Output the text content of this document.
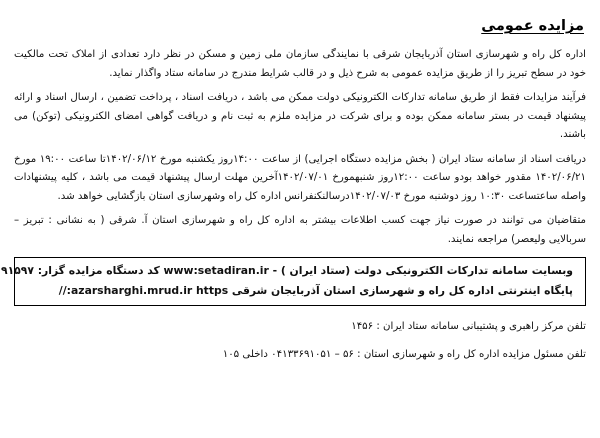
مزایده عمومی

اداره کل راه و شهرسازی استان آذربایجان شرقی با نمایندگی سازمان ملی زمین و مسکن در نظر دارد تعدادی از املاک تحت مالکیت خود در سطح تبریز را از طریق مزایده عمومی به شرح ذیل و در قالب شرایط مندرج در سامانه ستاد واگذار نماید.

فرآیند مزایدات فقط از طریق سامانه تدارکات الکترونیکی دولت ممکن می باشد ، دریافت اسناد ، پرداخت تضمین ، ارسال اسناد و ارائه پیشنهاد قیمت در بستر سامانه ممکن بوده و برای شرکت در مزایده ملزم به ثبت نام و دریافت گواهی امضای الکترونیکی (توکن) می باشند.

دریافت اسناد از سامانه ستاد ایران ( بخش مزایده دستگاه اجرایی) از ساعت ۱۴:۰۰روز یکشنبه مورخ ۱۴۰۲/۰۶/۱۲تا ساعت ۱۹:۰۰ مورخ ۱۴۰۲/۰۶/۲۱ مقدور خواهد بودو ساعت ۱۲:۰۰روز شنبهمورخ ۱۴۰۲/۰۷/۰۱آخرین مهلت ارسال پیشنهاد قیمت می باشد ، کلیه پیشنهادات واصله ساعتساعت ۱۰:۳۰ روز دوشنبه مورخ ۱۴۰۲/۰۷/۰۳درسالنکنفرانس اداره کل راه وشهرسازی استان بازگشایی خواهد شد.

متقاضیان می توانند در صورت نیاز جهت کسب اطلاعات بیشتر به اداره کل راه و شهرسازی استان آ. شرقی ( به نشانی : تبریز – سربالایی ولیعصر) مراجعه نمایند.

وبسایت سامانه تدارکات الکترونیکی دولت (ستاد ایران ) - www:setadiran.ir کد دستگاه مزایده گزار: ۹۱۵۹۷
پایگاه اینترنتی اداره کل راه و شهرسازی استان آذربایجان شرقی azarsharghi.mrud.ir https://
تلفن مرکز راهبری و پشتیبانی سامانه ستاد ایران : ۱۴۵۶
تلفن مسئول مزایده اداره کل راه و شهرسازی استان : ۵۶ – ۰۴۱۳۳۶۹۱۰۵۱ داخلی ۱۰۵
